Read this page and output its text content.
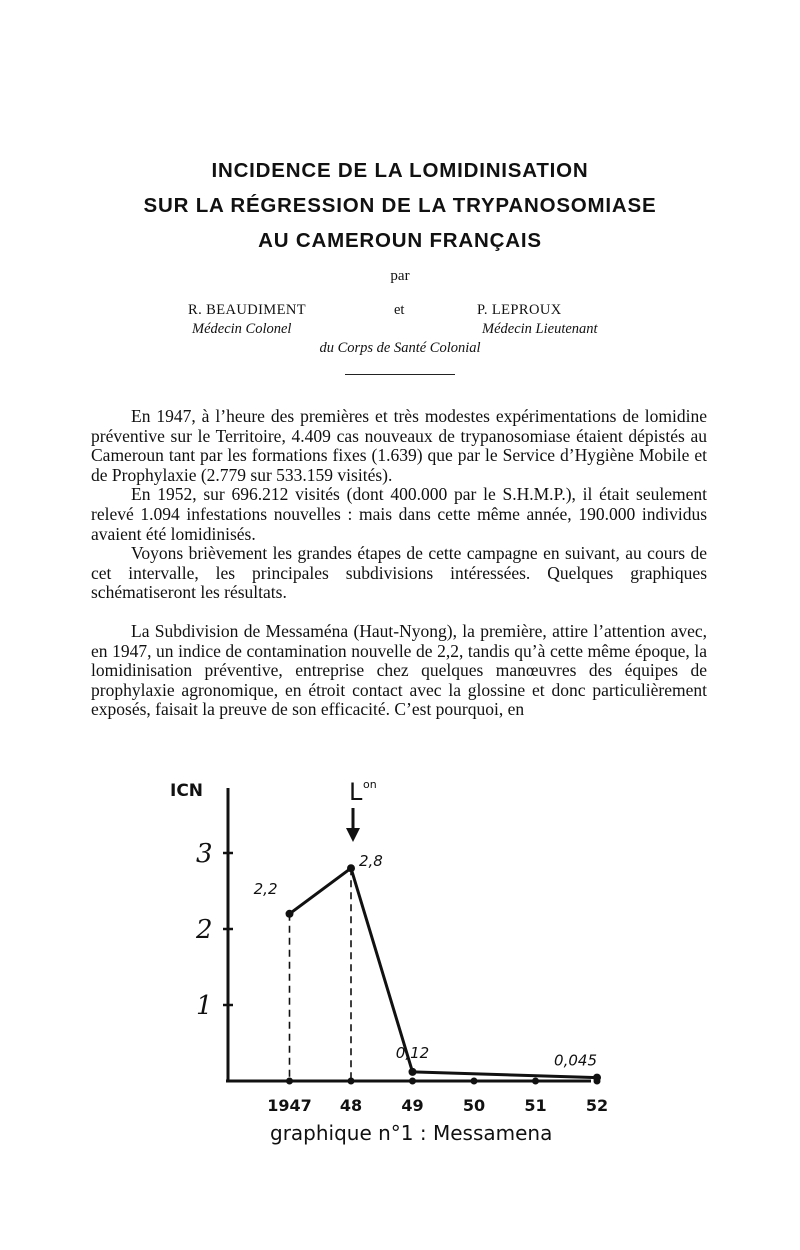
INCIDENCE DE LA LOMIDINISATION
SUR LA RÉGRESSION DE LA TRYPANOSOMIASE
AU CAMEROUN FRANÇAIS
par
R. BEAUDIMENT	et	P. LEPROUX
Médecin Colonel	Médecin Lieutenant
du Corps de Santé Colonial

En 1947, à l’heure des premières et très modestes expérimentations de lomidine préventive sur le Territoire, 4.409 cas nouveaux de trypanosomiase étaient dépistés au Cameroun tant par les formations fixes (1.639) que par le Service d’Hygiène Mobile et de Prophylaxie (2.779 sur 533.159 visités).

En 1952, sur 696.212 visités (dont 400.000 par le S.H.M.P.), il était seulement relevé 1.094 infestations nouvelles : mais dans cette même année, 190.000 individus avaient été lomidinisés.

Voyons brièvement les grandes étapes de cette campagne en suivant, au cours de cet intervalle, les principales subdivisions intéressées. Quelques graphiques schématiseront les résultats.

La Subdivision de Messaména (Haut-Nyong), la première, attire l’attention avec, en 1947, un indice de contamination nouvelle de 2,2, tandis qu’à cette même époque, la lomidinisation préventive, entreprise chez quelques manœuvres des équipes de prophylaxie agronomique, en étroit contact avec la glossine et donc particulièrement exposés, faisait la preuve de son efficacité. C’est pourquoi, en

ICN
1
2
3
1947 48 49 50 51 52
2,2
2,8
0,12	0,045
L on
graphique n°1 : Messamena
